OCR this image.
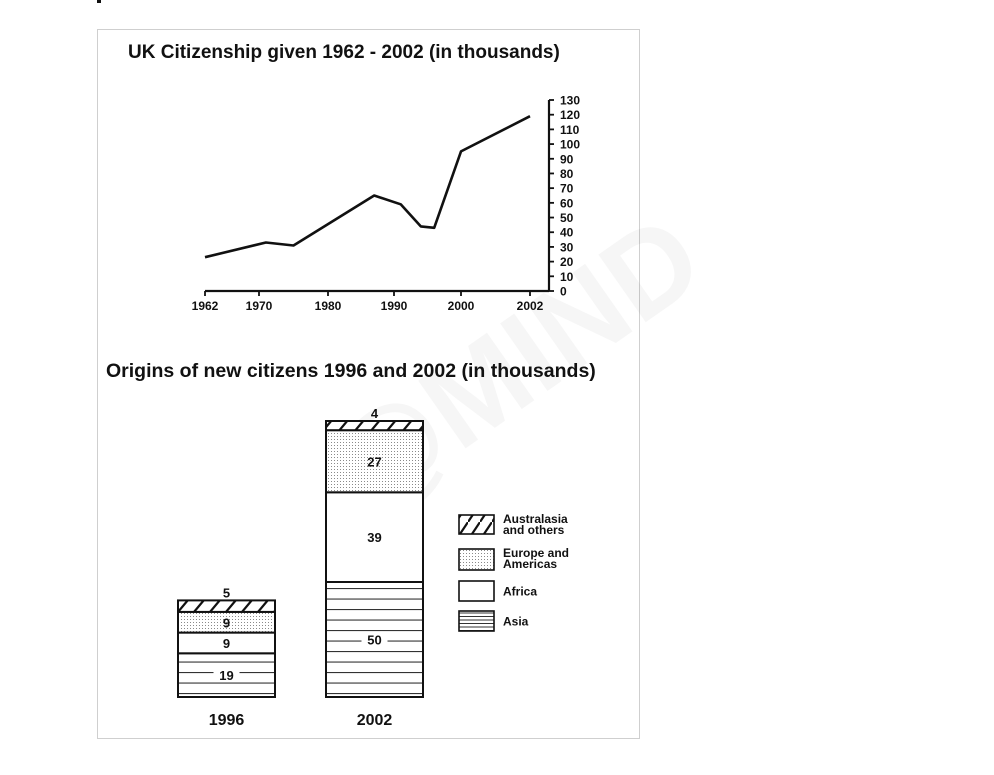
UK Citizenship given 1962 - 2002 (in thousands)
Origins of new citizens 1996 and 2002 (in thousands)
1962 1970	1980	1990	2000	2002
0
10
20
30
40
50
60
70
80
90
100
110
120
130
19
9
9
5
1996
50
39
27
4
2002
Australasia
and others
Europe and
Americas
Africa
Asia
